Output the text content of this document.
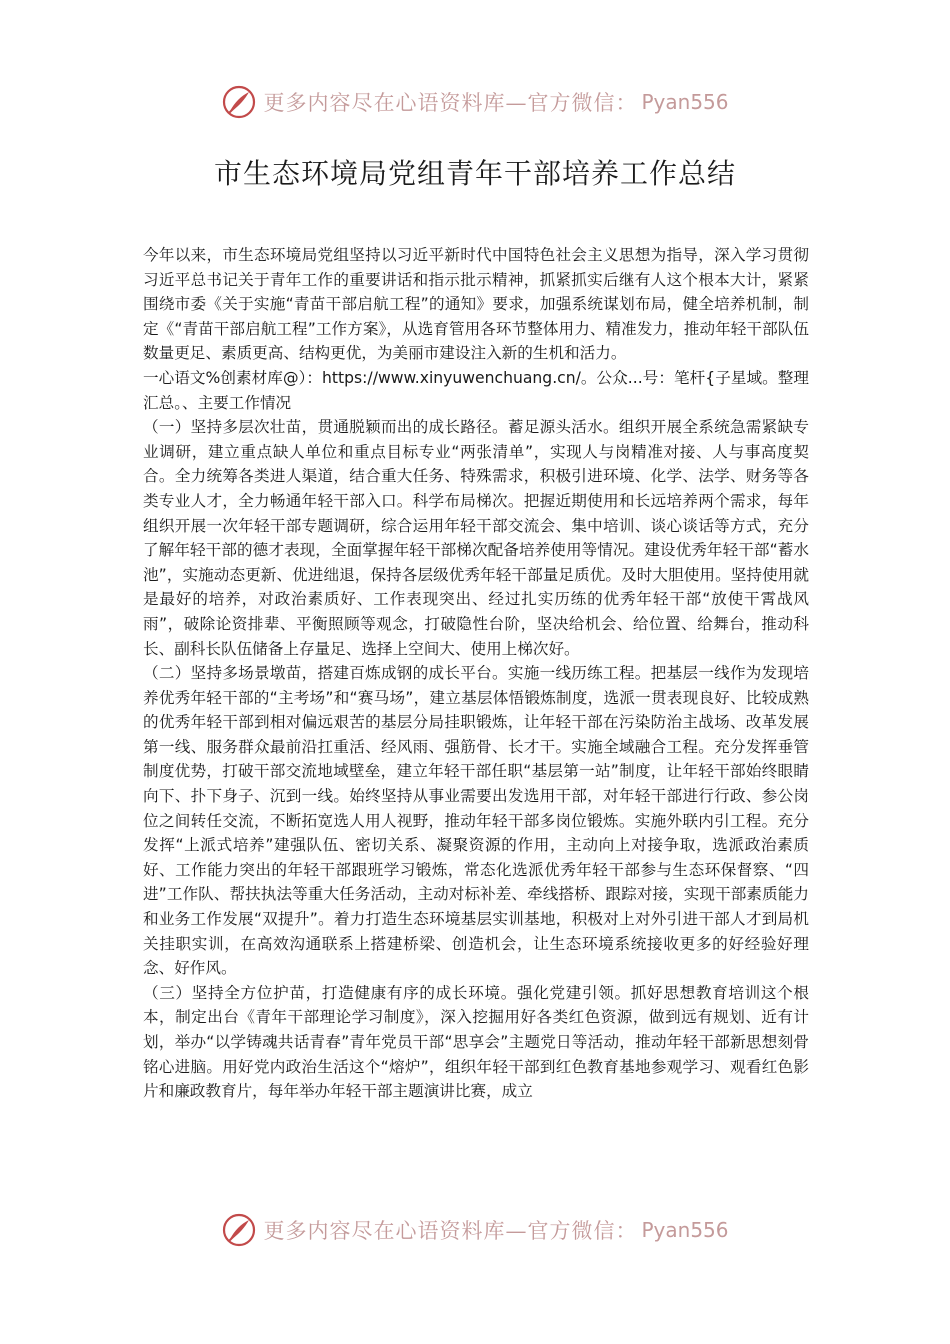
更多内容尽在心语资料库—官方微信： Pyan556
市生态环境局党组青年干部培养工作总结

今年以来，市生态环境局党组坚持以习近平新时代中国特色社会主义思想为指导，深入学习贯彻习近平总书记关于青年工作的重要讲话和指示批示精神，抓紧抓实后继有人这个根本大计，紧紧围绕市委《关于实施“青苗干部启航工程”的通知》要求，加强系统谋划布局，健全培养机制，制定《“青苗干部启航工程”工作方案》，从选育管用各环节整体用力、精准发力，推动年轻干部队伍数量更足、素质更高、结构更优，为美丽市建设注入新的生机和活力。

一心语文%创素材库@）：https://www.xinyuwenchuang.cn/。公众...号：笔杆{子星域。整理汇总。、主要工作情况

（一）坚持多层次壮苗，贯通脱颖而出的成长路径。蓄足源头活水。组织开展全系统急需紧缺专业调研，建立重点缺人单位和重点目标专业“两张清单”，实现人与岗精准对接、人与事高度契合。全力统筹各类进人渠道，结合重大任务、特殊需求，积极引进环境、化学、法学、财务等各类专业人才，全力畅通年轻干部入口。科学布局梯次。把握近期使用和长远培养两个需求，每年组织开展一次年轻干部专题调研，综合运用年轻干部交流会、集中培训、谈心谈话等方式，充分了解年轻干部的德才表现，全面掌握年轻干部梯次配备培养使用等情况。建设优秀年轻干部“蓄水池”，实施动态更新、优进绌退，保持各层级优秀年轻干部量足质优。及时大胆使用。坚持使用就是最好的培养，对政治素质好、工作表现突出、经过扎实历练的优秀年轻干部“放使干霄战风雨”，破除论资排辈、平衡照顾等观念，打破隐性台阶，坚决给机会、给位置、给舞台，推动科长、副科长队伍储备上存量足、选择上空间大、使用上梯次好。

（二）坚持多场景墩苗，搭建百炼成钢的成长平台。实施一线历练工程。把基层一线作为发现培养优秀年轻干部的“主考场”和“赛马场”，建立基层体悟锻炼制度，选派一贯表现良好、比较成熟的优秀年轻干部到相对偏远艰苦的基层分局挂职锻炼，让年轻干部在污染防治主战场、改革发展第一线、服务群众最前沿扛重活、经风雨、强筋骨、长才干。实施全域融合工程。充分发挥垂管制度优势，打破干部交流地域壁垒，建立年轻干部任职“基层第一站”制度，让年轻干部始终眼睛向下、扑下身子、沉到一线。始终坚持从事业需要出发选用干部，对年轻干部进行行政、参公岗位之间转任交流，不断拓宽选人用人视野，推动年轻干部多岗位锻炼。实施外联内引工程。充分发挥“上派式培养”建强队伍、密切关系、凝聚资源的作用，主动向上对接争取，选派政治素质好、工作能力突出的年轻干部跟班学习锻炼，常态化选派优秀年轻干部参与生态环保督察、“四进”工作队、帮扶执法等重大任务活动，主动对标补差、牵线搭桥、跟踪对接，实现干部素质能力和业务工作发展“双提升”。着力打造生态环境基层实训基地，积极对上对外引进干部人才到局机关挂职实训，在高效沟通联系上搭建桥梁、创造机会，让生态环境系统接收更多的好经验好理念、好作风。

（三）坚持全方位护苗，打造健康有序的成长环境。强化党建引领。抓好思想教育培训这个根本，制定出台《青年干部理论学习制度》，深入挖掘用好各类红色资源，做到远有规划、近有计划，举办“以学铸魂共话青春”青年党员干部“思享会”主题党日等活动，推动年轻干部新思想刻骨铭心进脑。用好党内政治生活这个“熔炉”，组织年轻干部到红色教育基地参观学习、观看红色影片和廉政教育片，每年举办年轻干部主题演讲比赛，成立

更多内容尽在心语资料库—官方微信： Pyan556
